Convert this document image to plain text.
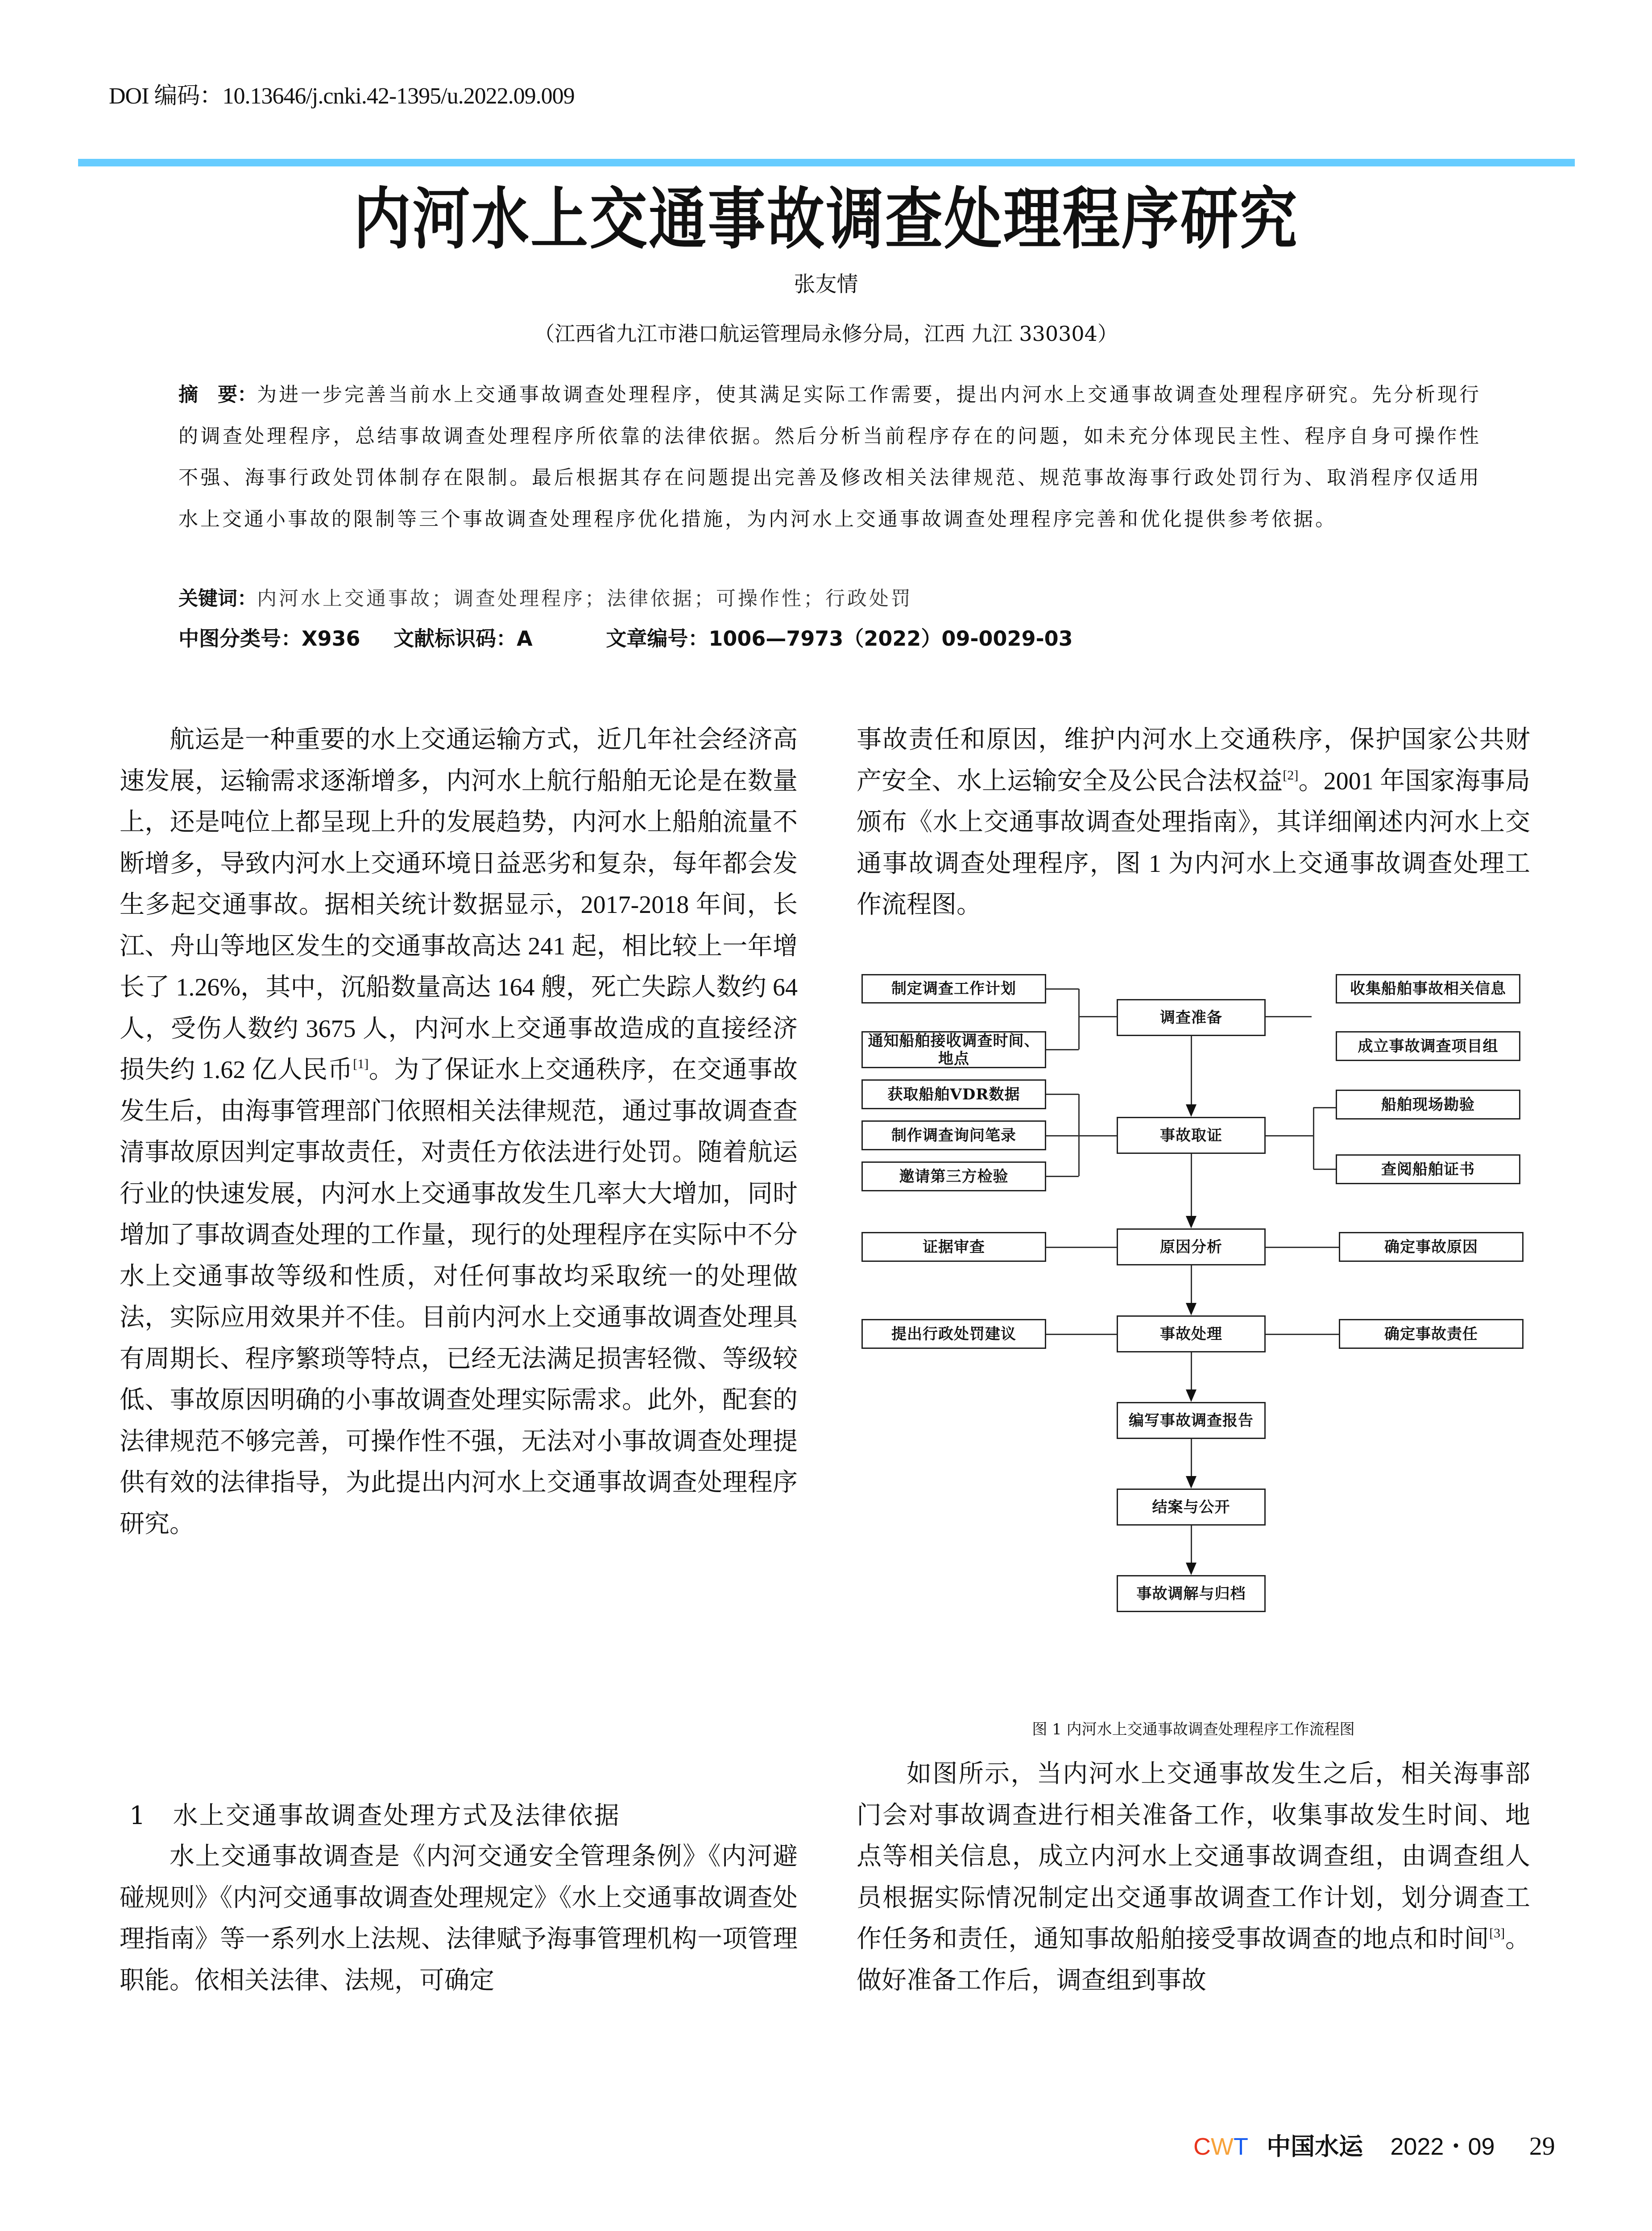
DOI 编码：10.13646/j.cnki.42-1395/u.2022.09.009
内河水上交通事故调查处理程序研究
张友情
（江西省九江市港口航运管理局永修分局，江西 九江 330304）
摘　要：为进一步完善当前水上交通事故调查处理程序，使其满足实际工作需要，提出内河水上交通事故调查处理程序研究。先分析现行的调查处理程序，总结事故调查处理程序所依靠的法律依据。然后分析当前程序存在的问题，如未充分体现民主性、程序自身可操作性不强、海事行政处罚体制存在限制。最后根据其存在问题提出完善及修改相关法律规范、规范事故海事行政处罚行为、取消程序仅适用水上交通小事故的限制等三个事故调查处理程序优化措施，为内河水上交通事故调查处理程序完善和优化提供参考依据。
关键词：内河水上交通事故；调查处理程序；法律依据；可操作性；行政处罚
中图分类号：X936 文献标识码：A	文章编号：1006—7973（2022）09-0029-03

航运是一种重要的水上交通运输方式，近几年社会经济高速发展，运输需求逐渐增多，内河水上航行船舶无论是在数量上，还是吨位上都呈现上升的发展趋势，内河水上船舶流量不断增多，导致内河水上交通环境日益恶劣和复杂，每年都会发生多起交通事故。据相关统计数据显示，2017-2018 年间，长江、舟山等地区发生的交通事故高达 241 起，相比较上一年增长了 1.26%，其中，沉船数量高达 164 艘，死亡失踪人数约 64 人，受伤人数约 3675 人，内河水上交通事故造成的直接经济损失约 1.62 亿人民币[1]。为了保证水上交通秩序，在交通事故发生后，由海事管理部门依照相关法律规范，通过事故调查查清事故原因判定事故责任，对责任方依法进行处罚。随着航运行业的快速发展，内河水上交通事故发生几率大大增加，同时增加了事故调查处理的工作量，现行的处理程序在实际中不分水上交通事故等级和性质，对任何事故均采取统一的处理做法，实际应用效果并不佳。目前内河水上交通事故调查处理具有周期长、程序繁琐等特点，已经无法满足损害轻微、等级较低、事故原因明确的小事故调查处理实际需求。此外，配套的法律规范不够完善，可操作性不强，无法对小事故调查处理提供有效的法律指导，为此提出内河水上交通事故调查处理程序研究。

1　水上交通事故调查处理方式及法律依据

水上交通事故调查是《内河交通安全管理条例》《内河避碰规则》《内河交通事故调查处理规定》《水上交通事故调查处理指南》等一系列水上法规、法律赋予海事管理机构一项管理职能。依相关法律、法规，可确定

事故责任和原因，维护内河水上交通秩序，保护国家公共财产安全、水上运输安全及公民合法权益[2]。2001 年国家海事局颁布《水上交通事故调查处理指南》，其详细阐述内河水上交通事故调查处理程序，图 1 为内河水上交通事故调查处理工作流程图。

调查准备
事故取证
原因分析
事故处理
编写事故调查报告
结案与公开
事故调解与归档
制定调查工作计划
通知船舶接收调查时间、地点
收集船舶事故相关信息
成立事故调查项目组
获取船舶VDR数据
制作调查询问笔录
邀请第三方检验
船舶现场勘验
查阅船舶证书
证据审查	确定事故原因
提出行政处罚建议	确定事故责任
图 1 内河水上交通事故调查处理程序工作流程图

如图所示，当内河水上交通事故发生之后，相关海事部门会对事故调查进行相关准备工作，收集事故发生时间、地点等相关信息，成立内河水上交通事故调查组，由调查组人员根据实际情况制定出交通事故调查工作计划，划分调查工作任务和责任，通知事故船舶接受事故调查的地点和时间[3]。做好准备工作后，调查组到事故

CWT 中国水运 2022・09 29
